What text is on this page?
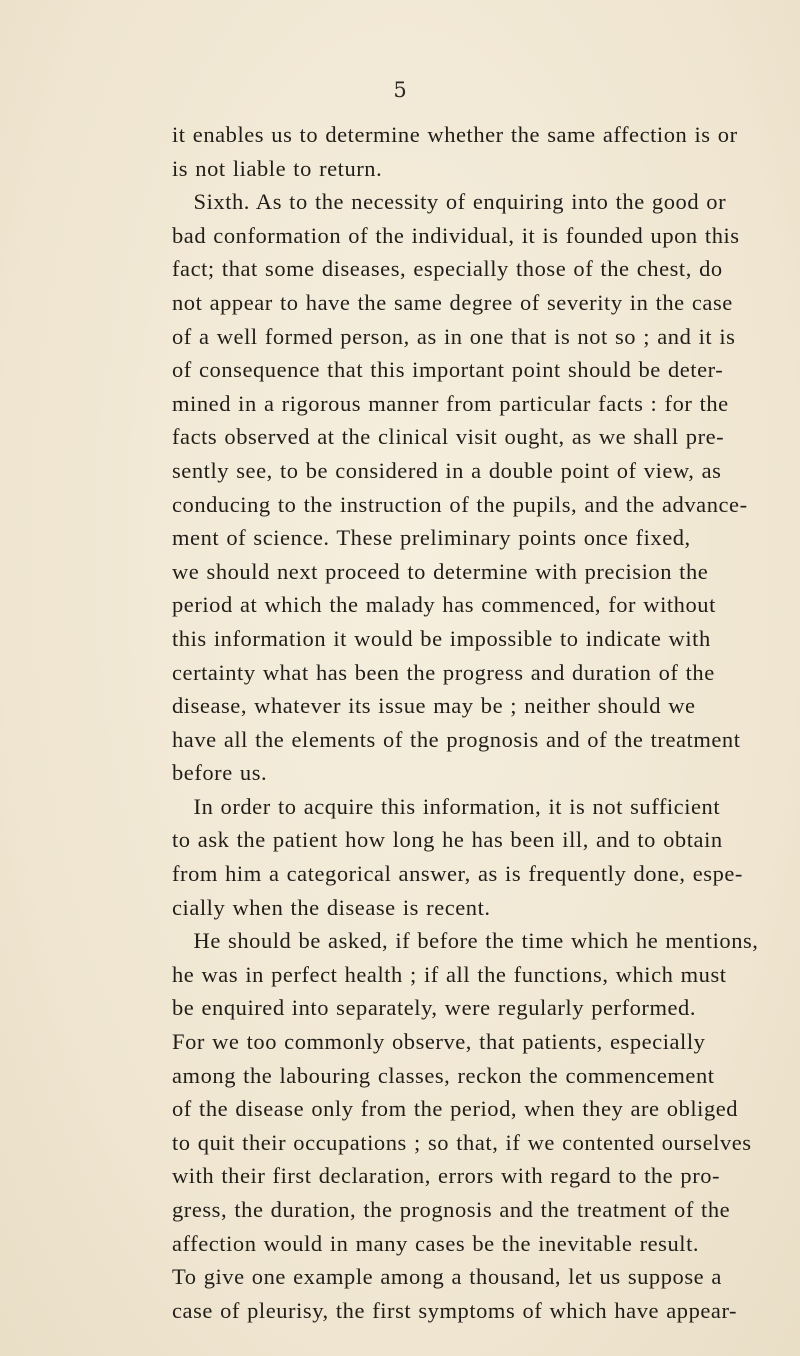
5
it enables us to determine whether the same affection is or
is not liable to return.
Sixth. As to the necessity of enquiring into the good or
bad conformation of the individual, it is founded upon this
fact; that some diseases, especially those of the chest, do
not appear to have the same degree of severity in the case
of a well formed person, as in one that is not so ; and it is
of consequence that this important point should be deter-
mined in a rigorous manner from particular facts : for the
facts observed at the clinical visit ought, as we shall pre-
sently see, to be considered in a double point of view, as
conducing to the instruction of the pupils, and the advance-
ment of science. These preliminary points once fixed,
we should next proceed to determine with precision the
period at which the malady has commenced, for without
this information it would be impossible to indicate with
certainty what has been the progress and duration of the
disease, whatever its issue may be ; neither should we
have all the elements of the prognosis and of the treatment
before us.
In order to acquire this information, it is not sufficient
to ask the patient how long he has been ill, and to obtain
from him a categorical answer, as is frequently done, espe-
cially when the disease is recent.
He should be asked, if before the time which he mentions,
he was in perfect health ; if all the functions, which must
be enquired into separately, were regularly performed.
For we too commonly observe, that patients, especially
among the labouring classes, reckon the commencement
of the disease only from the period, when they are obliged
to quit their occupations ; so that, if we contented ourselves
with their first declaration, errors with regard to the pro-
gress, the duration, the prognosis and the treatment of the
affection would in many cases be the inevitable result.
To give one example among a thousand, let us suppose a
case of pleurisy, the first symptoms of which have appear-
